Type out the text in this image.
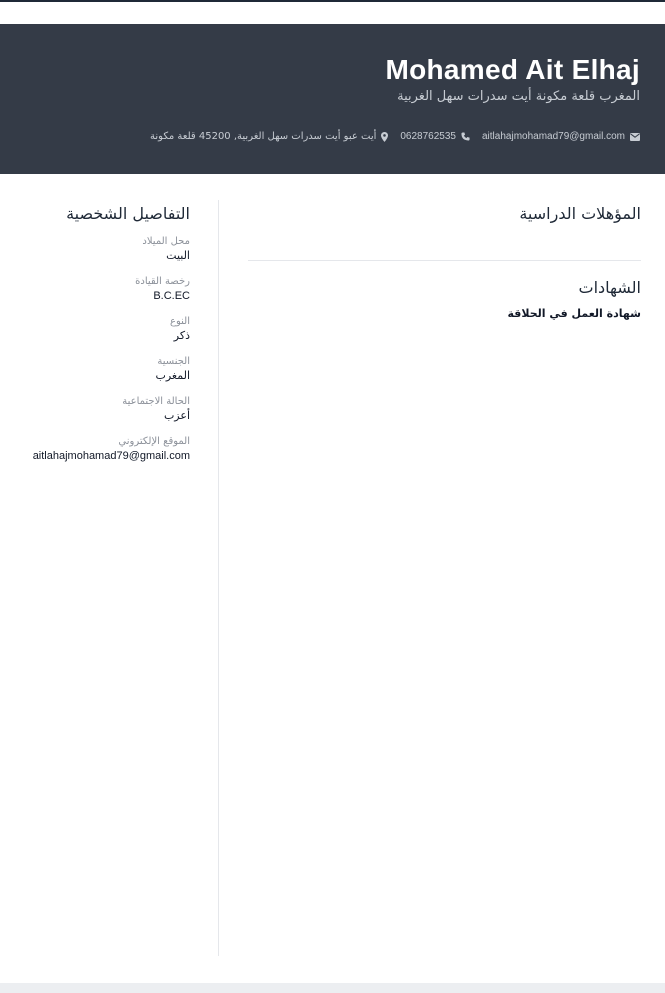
Mohamed Ait Elhaj
المغرب قلعة مكونة أيت سدرات سهل الغربية
aitlahajmohamad79@gmail.com
0628762535
أيت عبو أيت سدرات سهل الغربية, 45200 قلعة مكونة
المؤهلات الدراسية
الشهادات
شهادة العمل في الحلاقة
التفاصيل الشخصية
محل الميلاد
البيت
رخصة القيادة
B.C.EC
النوع
ذكر
الجنسية
المغرب
الحالة الاجتماعية
أعزب
الموقع الإلكتروني
aitlahajmohamad79@gmail.com
